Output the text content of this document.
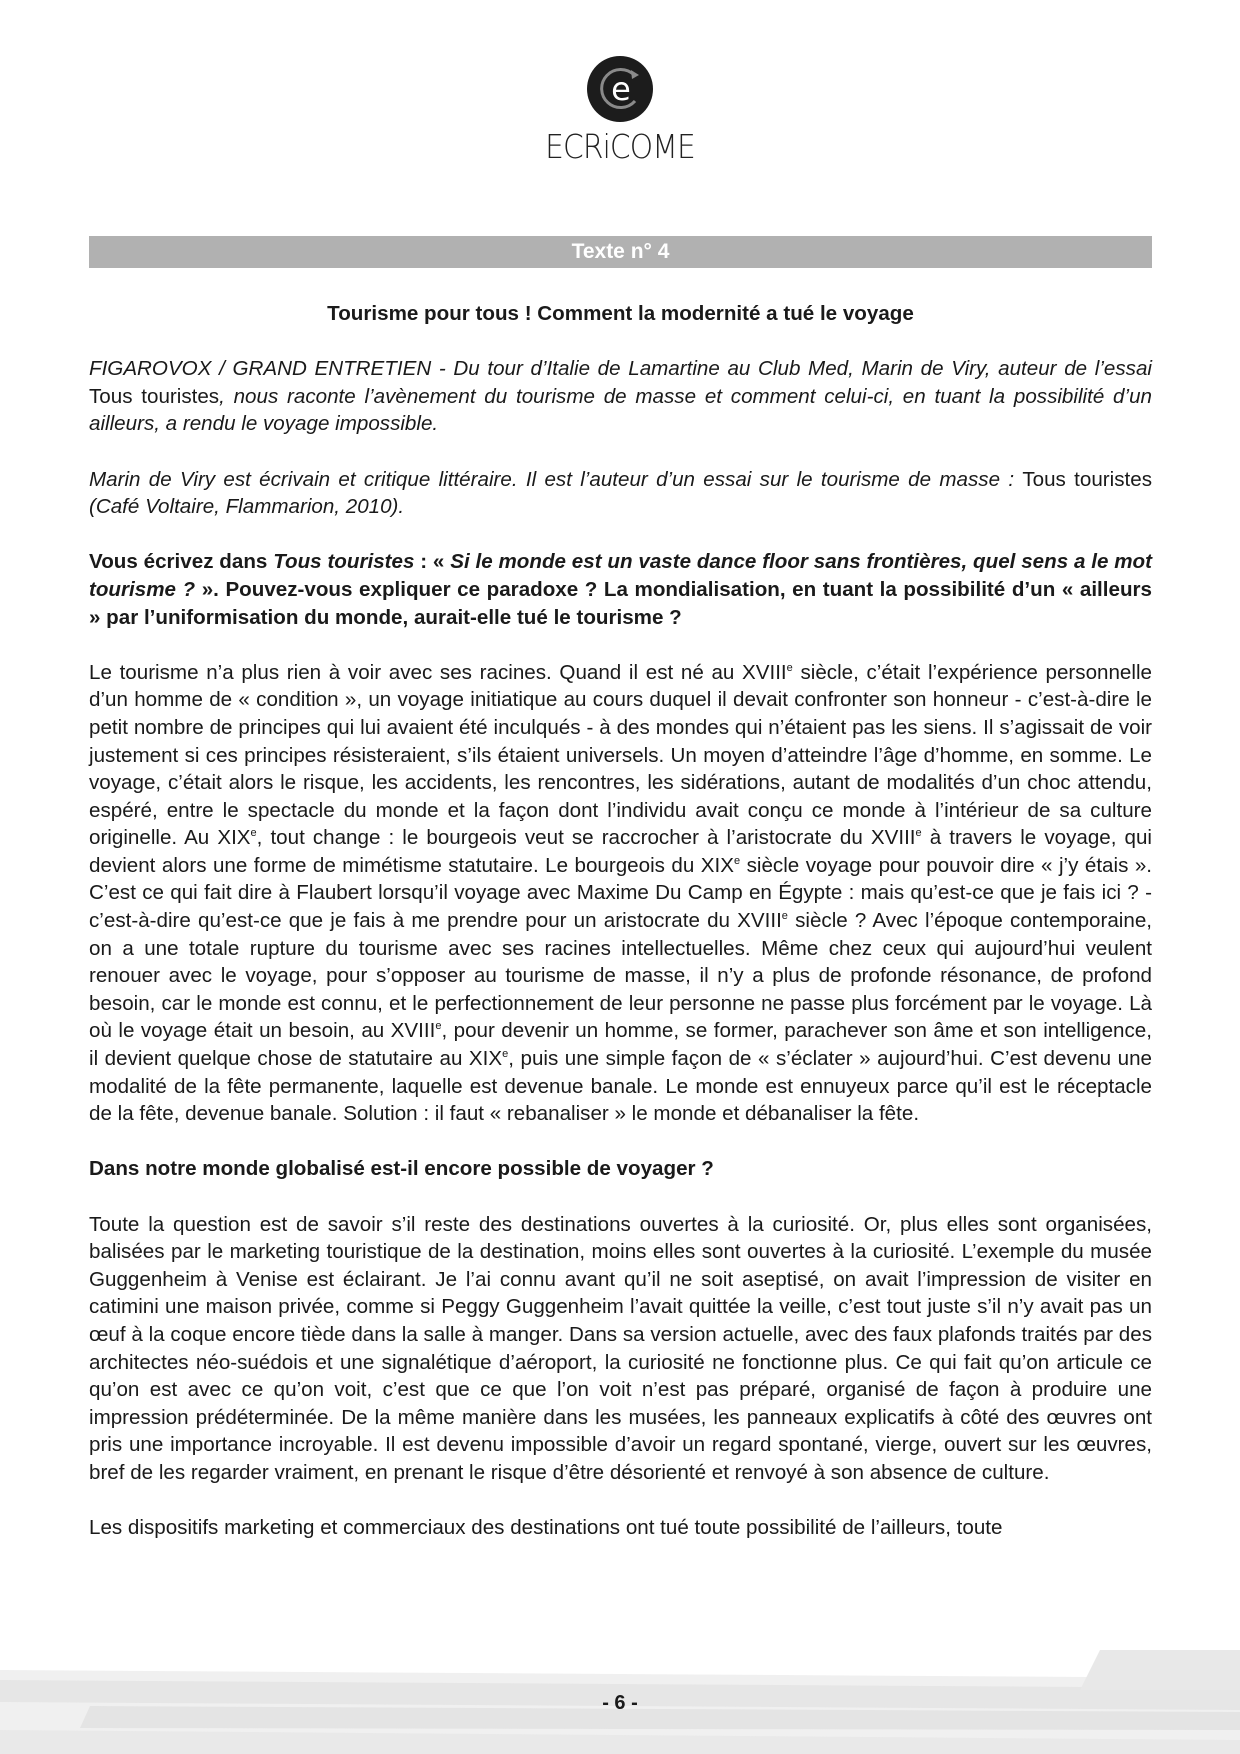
e
ECRiCOME
Texte n° 4

Tourisme pour tous ! Comment la modernité a tué le voyage

FIGAROVOX / GRAND ENTRETIEN - Du tour d’Italie de Lamartine au Club Med, Marin de Viry, auteur de l’essai Tous touristes, nous raconte l’avènement du tourisme de masse et comment celui-ci, en tuant la possibilité d’un ailleurs, a rendu le voyage impossible.

Marin de Viry est écrivain et critique littéraire. Il est l’auteur d’un essai sur le tourisme de masse : Tous touristes (Café Voltaire, Flammarion, 2010).

Vous écrivez dans Tous touristes : « Si le monde est un vaste dance floor sans frontières, quel sens a le mot tourisme ? ». Pouvez-vous expliquer ce paradoxe ? La mondialisation, en tuant la possibilité d’un « ailleurs » par l’uniformisation du monde, aurait-elle tué le tourisme ?

Le tourisme n’a plus rien à voir avec ses racines. Quand il est né au XVIIIe siècle, c’était l’expérience personnelle d’un homme de « condition », un voyage initiatique au cours duquel il devait confronter son honneur - c’est-à-dire le petit nombre de principes qui lui avaient été inculqués - à des mondes qui n’étaient pas les siens. Il s’agissait de voir justement si ces principes résisteraient, s’ils étaient universels. Un moyen d’atteindre l’âge d’homme, en somme. Le voyage, c’était alors le risque, les accidents, les rencontres, les sidérations, autant de modalités d’un choc attendu, espéré, entre le spectacle du monde et la façon dont l’individu avait conçu ce monde à l’intérieur de sa culture originelle. Au XIXe, tout change : le bourgeois veut se raccrocher à l’aristocrate du XVIIIe à travers le voyage, qui devient alors une forme de mimétisme statutaire. Le bourgeois du XIXe siècle voyage pour pouvoir dire « j’y étais ». C’est ce qui fait dire à Flaubert lorsqu’il voyage avec Maxime Du Camp en Égypte : mais qu’est-ce que je fais ici ? - c’est-à-dire qu’est-ce que je fais à me prendre pour un aristocrate du XVIIIe siècle ? Avec l’époque contemporaine, on a une totale rupture du tourisme avec ses racines intellectuelles. Même chez ceux qui aujourd’hui veulent renouer avec le voyage, pour s’opposer au tourisme de masse, il n’y a plus de profonde résonance, de profond besoin, car le monde est connu, et le perfectionnement de leur personne ne passe plus forcément par le voyage. Là où le voyage était un besoin, au XVIIIe, pour devenir un homme, se former, parachever son âme et son intelligence, il devient quelque chose de statutaire au XIXe, puis une simple façon de « s’éclater » aujourd’hui. C’est devenu une modalité de la fête permanente, laquelle est devenue banale. Le monde est ennuyeux parce qu’il est le réceptacle de la fête, devenue banale. Solution : il faut « rebanaliser » le monde et débanaliser la fête.

Dans notre monde globalisé est-il encore possible de voyager ?

Toute la question est de savoir s’il reste des destinations ouvertes à la curiosité. Or, plus elles sont organisées, balisées par le marketing touristique de la destination, moins elles sont ouvertes à la curiosité. L’exemple du musée Guggenheim à Venise est éclairant. Je l’ai connu avant qu’il ne soit aseptisé, on avait l’impression de visiter en catimini une maison privée, comme si Peggy Guggenheim l’avait quittée la veille, c’est tout juste s’il n’y avait pas un œuf à la coque encore tiède dans la salle à manger. Dans sa version actuelle, avec des faux plafonds traités par des architectes néo-suédois et une signalétique d’aéroport, la curiosité ne fonctionne plus. Ce qui fait qu’on articule ce qu’on est avec ce qu’on voit, c’est que ce que l’on voit n’est pas préparé, organisé de façon à produire une impression prédéterminée. De la même manière dans les musées, les panneaux explicatifs à côté des œuvres ont pris une importance incroyable. Il est devenu impossible d’avoir un regard spontané, vierge, ouvert sur les œuvres, bref de les regarder vraiment, en prenant le risque d’être désorienté et renvoyé à son absence de culture.

Les dispositifs marketing et commerciaux des destinations ont tué toute possibilité de l’ailleurs, toute

- 6 -
